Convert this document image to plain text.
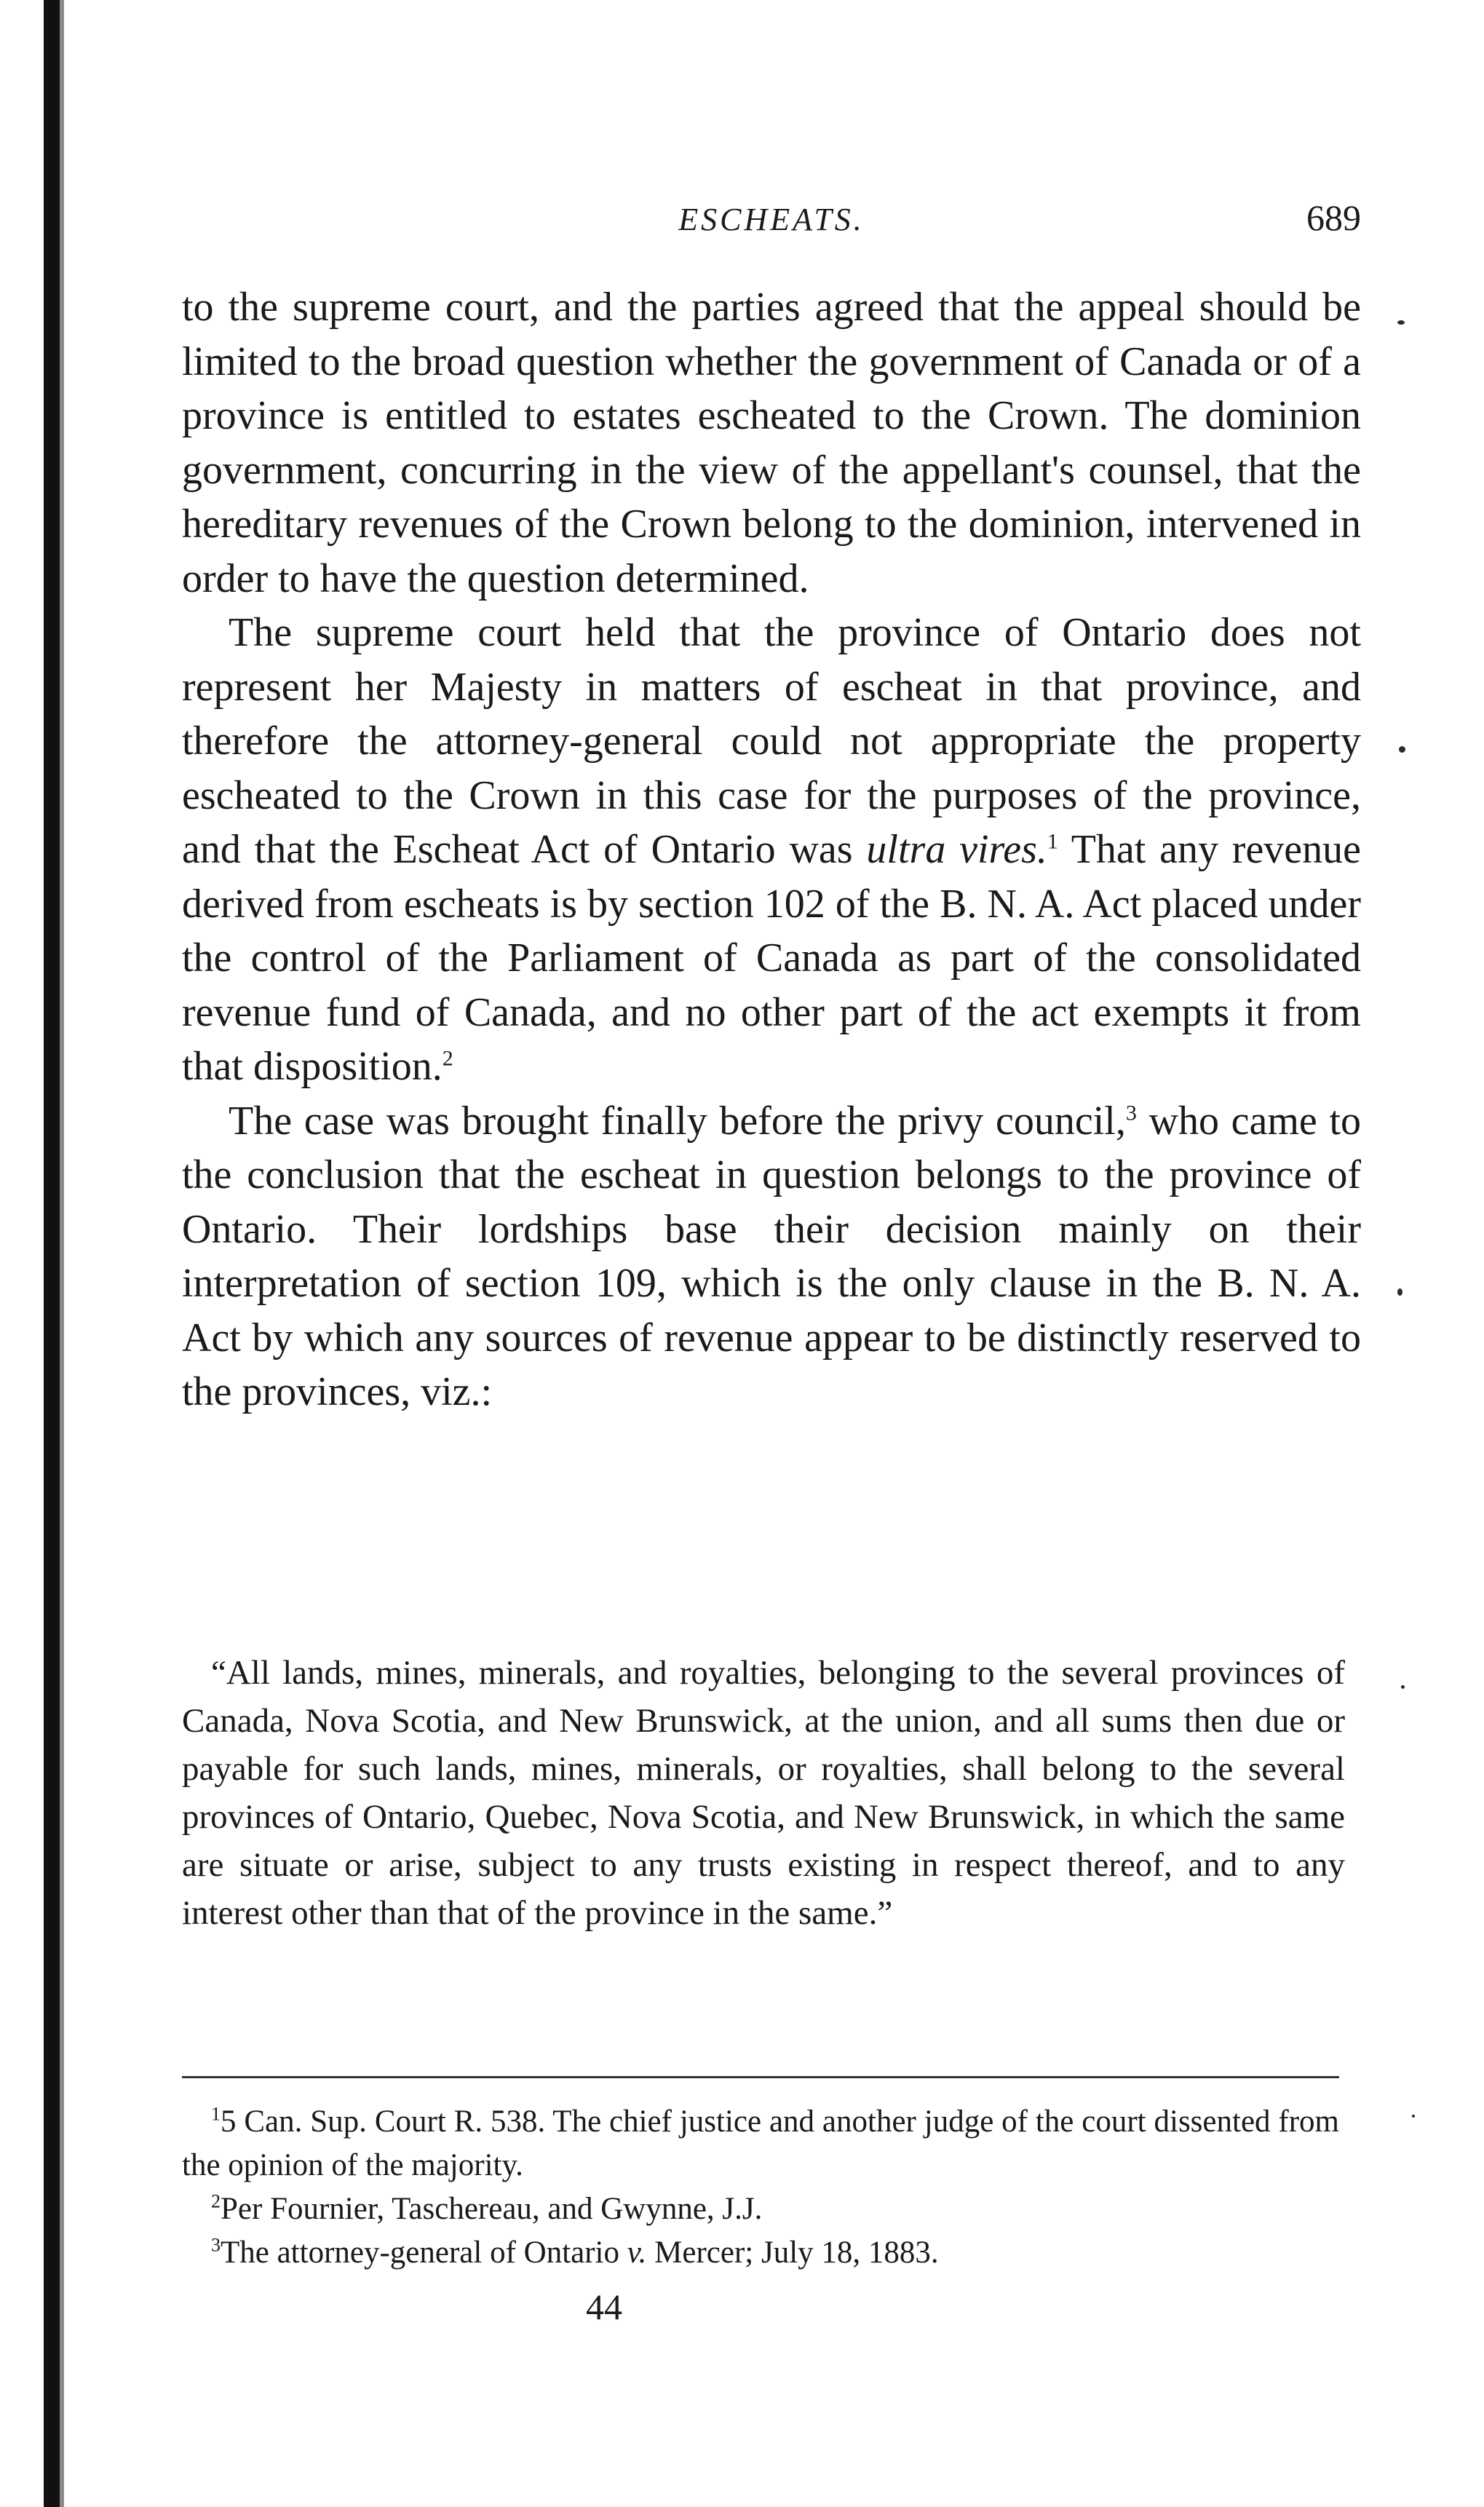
ESCHEATS.	689

to the supreme court, and the parties agreed that the appeal should be limited to the broad question whether the government of Canada or of a province is entitled to estates escheated to the Crown. The dominion government, concurring in the view of the appellant's counsel, that the hereditary revenues of the Crown belong to the dominion, intervened in order to have the question determined.

The supreme court held that the province of Ontario does not represent her Majesty in matters of escheat in that province, and therefore the attorney-general could not appropriate the property escheated to the Crown in this case for the purposes of the province, and that the Escheat Act of Ontario was ultra vires.$^1$ That any revenue derived from escheats is by section 102 of the B. N. A. Act placed under the control of the Parliament of Canada as part of the consolidated revenue fund of Canada, and no other part of the act exempts it from that disposition.$^2$

The case was brought finally before the privy council,$^3$ who came to the conclusion that the escheat in question belongs to the province of Ontario. Their lordships base their decision mainly on their interpretation of section 109, which is the only clause in the B. N. A. Act by which any sources of revenue appear to be distinctly reserved to the provinces, viz.:

“All lands, mines, minerals, and royalties, belonging to the several provinces of Canada, Nova Scotia, and New Brunswick, at the union, and all sums then due or payable for such lands, mines, minerals, or royalties, shall belong to the several provinces of Ontario, Quebec, Nova Scotia, and New Brunswick, in which the same are situate or arise, subject to any trusts existing in respect thereof, and to any interest other than that of the province in the same.”

$^1$5 Can. Sup. Court R. 538. The chief justice and another judge of the court dissented from the opinion of the majority.

$^2$Per Fournier, Taschereau, and Gwynne, J.J.

$^3$The attorney-general of Ontario v. Mercer; July 18, 1883.

44
